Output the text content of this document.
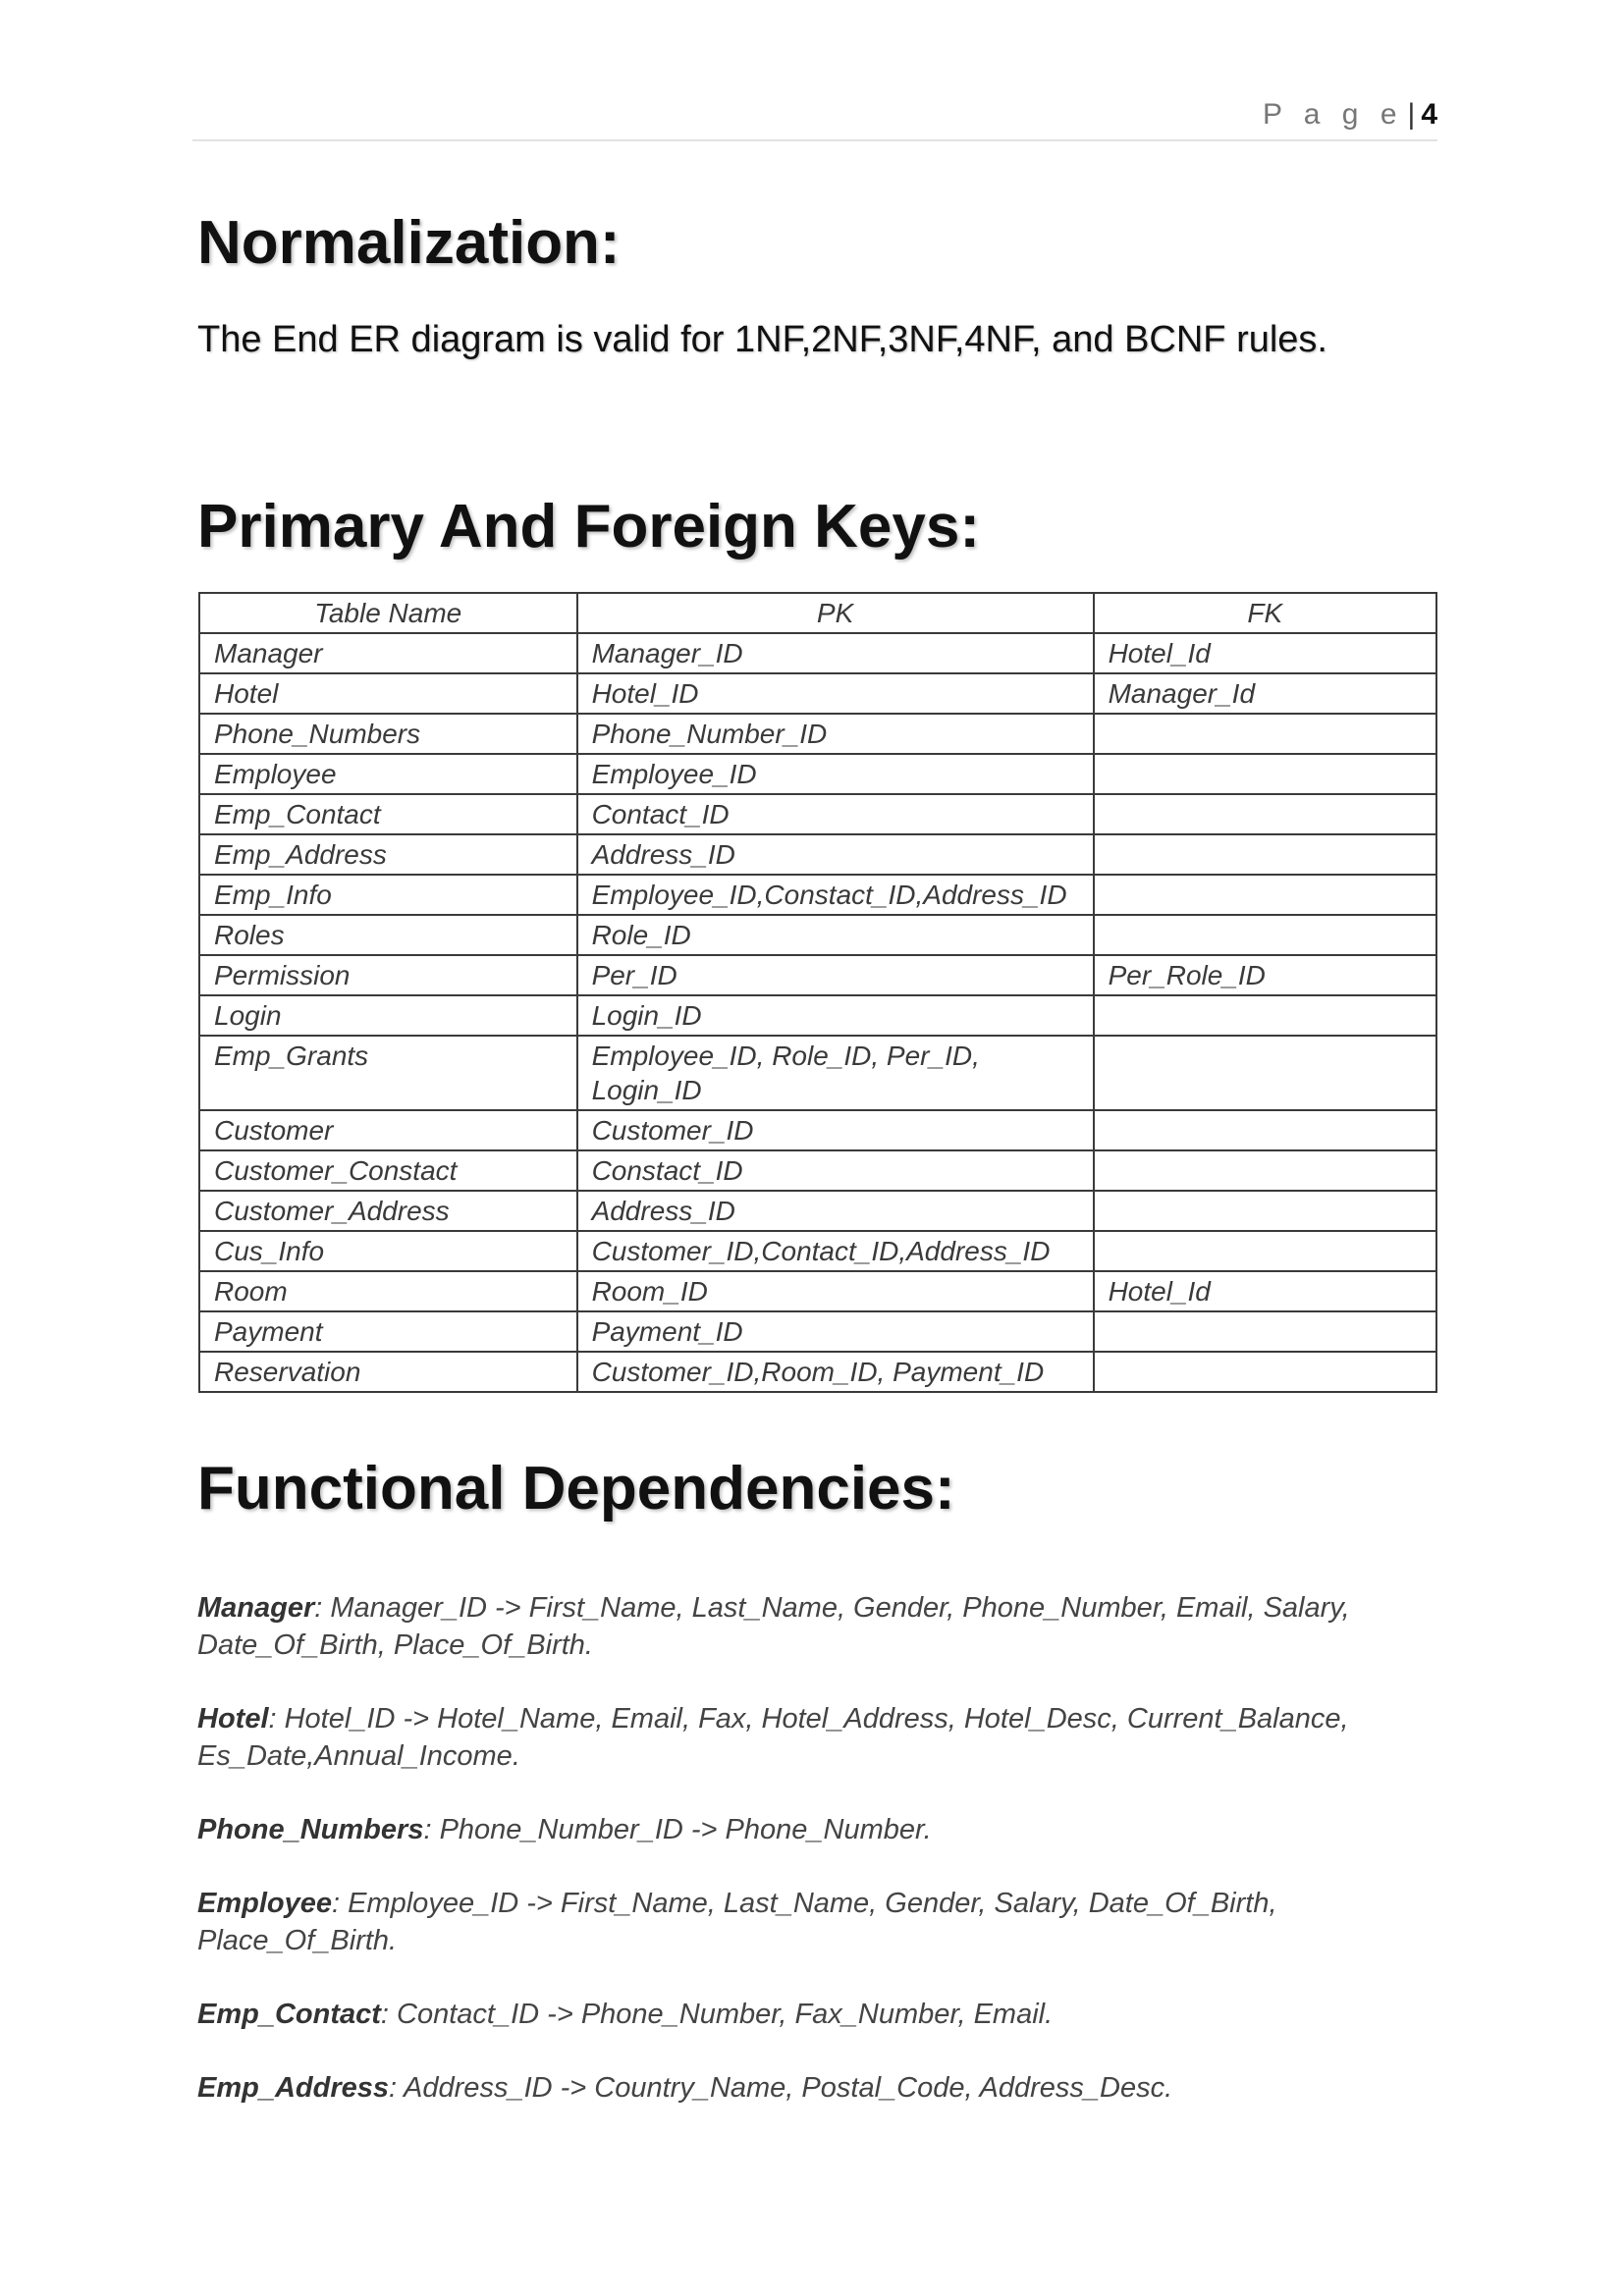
P a g e | 4
Normalization:

The End ER diagram is valid for 1NF,2NF,3NF,4NF, and BCNF rules.

Primary And Foreign Keys:
Table Name	PK	FK
Manager	Manager_ID	Hotel_Id
Hotel	Hotel_ID	Manager_Id
Phone_Numbers	Phone_Number_ID	
Employee	Employee_ID	
Emp_Contact	Contact_ID	
Emp_Address	Address_ID	
Emp_Info	Employee_ID,Constact_ID,Address_ID	
Roles	Role_ID	
Permission	Per_ID	Per_Role_ID
Login	Login_ID	
Emp_Grants	Employee_ID, Role_ID, Per_ID, Login_ID	
Customer	Customer_ID	
Customer_Constact	Constact_ID	
Customer_Address	Address_ID	
Cus_Info	Customer_ID,Contact_ID,Address_ID	
Room	Room_ID	Hotel_Id
Payment	Payment_ID	
Reservation	Customer_ID,Room_ID, Payment_ID	
Functional Dependencies:

Manager: Manager_ID -> First_Name, Last_Name, Gender, Phone_Number, Email, Salary, Date_Of_Birth, Place_Of_Birth.

Hotel: Hotel_ID -> Hotel_Name, Email, Fax, Hotel_Address, Hotel_Desc, Current_Balance, Es_Date,Annual_Income.

Phone_Numbers: Phone_Number_ID -> Phone_Number.

Employee: Employee_ID -> First_Name, Last_Name, Gender, Salary, Date_Of_Birth, Place_Of_Birth.

Emp_Contact: Contact_ID -> Phone_Number, Fax_Number, Email.

Emp_Address: Address_ID -> Country_Name, Postal_Code, Address_Desc.
